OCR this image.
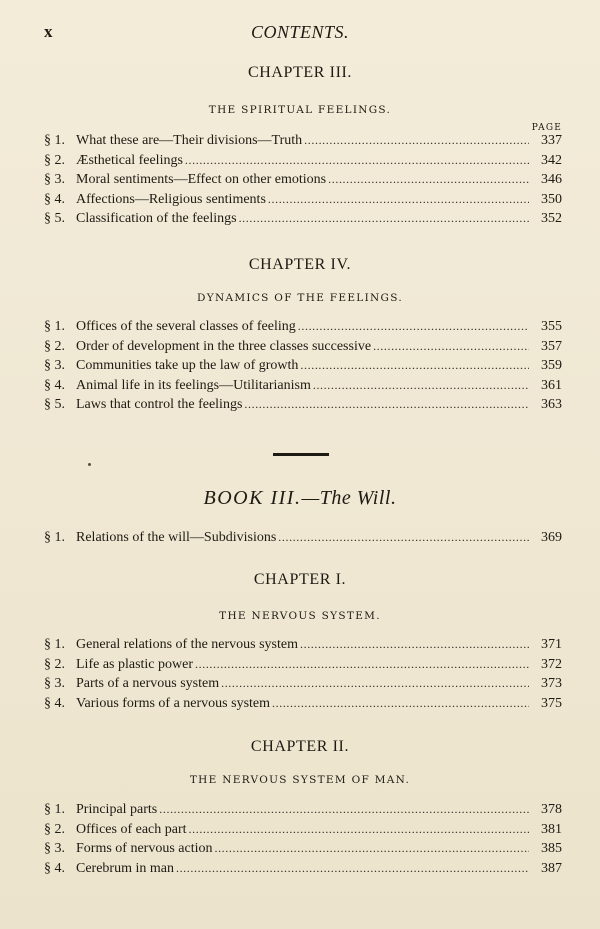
x	CONTENTS.
CHAPTER III.
THE SPIRITUAL FEELINGS.
PAGE
§ 1. What these are—Their divisions—Truth . . .	337
§ 2. Æsthetical feelings . . .	342
§ 3. Moral sentiments—Effect on other emotions . . .	346
§ 4. Affections—Religious sentiments . . .	350
§ 5. Classification of the feelings . . .	352
CHAPTER IV.
DYNAMICS OF THE FEELINGS.
§ 1. Offices of the several classes of feeling . . .	355
§ 2. Order of development in the three classes successive . . .	357
§ 3. Communities take up the law of growth . . .	359
§ 4. Animal life in its feelings—Utilitarianism . . .	361
§ 5. Laws that control the feelings . . .	363
BOOK III.—The Will.
§ 1. Relations of the will—Subdivisions . . .	369
CHAPTER I.
THE NERVOUS SYSTEM.
§ 1. General relations of the nervous system . . .	371
§ 2. Life as plastic power . . .	372
§ 3. Parts of a nervous system . . .	373
§ 4. Various forms of a nervous system . . .	375
CHAPTER II.
THE NERVOUS SYSTEM OF MAN.
§ 1. Principal parts . . .	378
§ 2. Offices of each part . . .	381
§ 3. Forms of nervous action . . .	385
§ 4. Cerebrum in man . . .	387
